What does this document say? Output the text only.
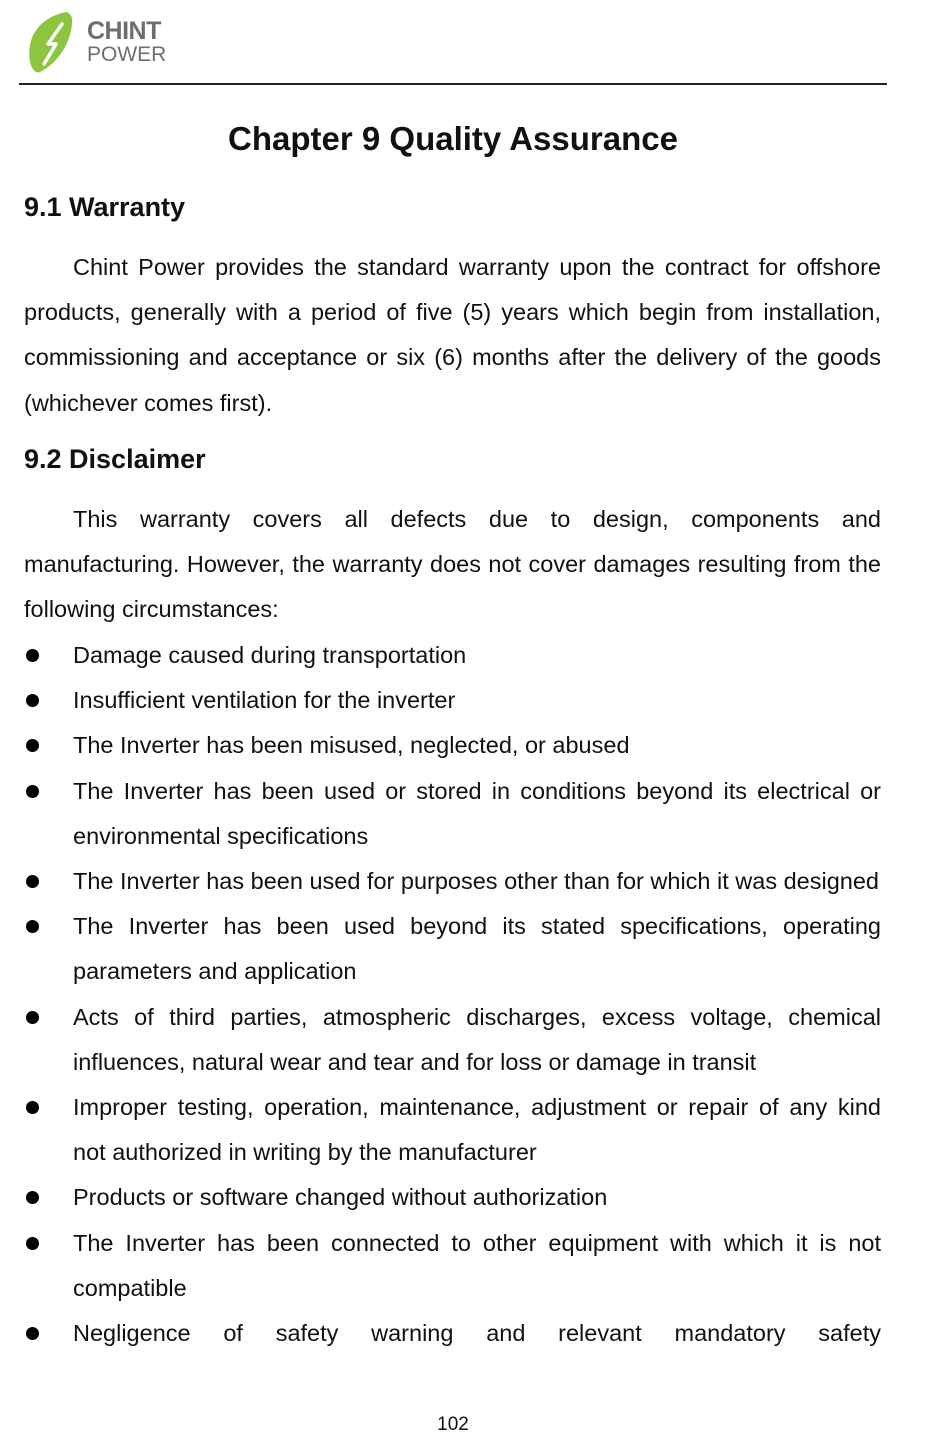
CHINT
POWER
Chapter 9 Quality Assurance
9.1 Warranty

Chint Power provides the standard warranty upon the contract for offshore products, generally with a period of five (5) years which begin from installation, commissioning and acceptance or six (6) months after the delivery of the goods (whichever comes first).

9.2 Disclaimer

This warranty covers all defects due to design, components and manufacturing. However, the warranty does not cover damages resulting from the following circumstances:

Damage caused during transportation
Insufficient ventilation for the inverter
The Inverter has been misused, neglected, or abused
The Inverter has been used or stored in conditions beyond its electrical or environmental specifications
The Inverter has been used for purposes other than for which it was designed
The Inverter has been used beyond its stated specifications, operating parameters and application
Acts of third parties, atmospheric discharges, excess voltage, chemical influences, natural wear and tear and for loss or damage in transit
Improper testing, operation, maintenance, adjustment or repair of any kind not authorized in writing by the manufacturer
Products or software changed without authorization
The Inverter has been connected to other equipment with which it is not compatible
Negligence of safety warning and relevant mandatory safety
102
